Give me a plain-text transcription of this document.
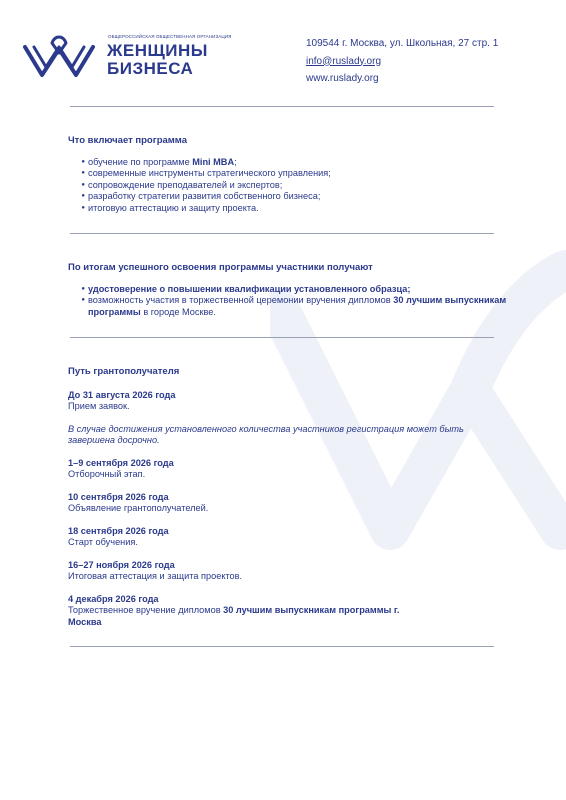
ОБЩЕРОССИЙСКАЯ ОБЩЕСТВЕННАЯ ОРГАНИЗАЦИЯ
ЖЕНЩИНЫ
БИЗНЕСА
109544 г. Москва, ул. Школьная, 27 стр. 1
info@ruslady.org
www.ruslady.org

Что включает программа

● обучение по программе Mini MBA;
● современные инструменты стратегического управления;
● сопровождение преподавателей и экспертов;
● разработку стратегии развития собственного бизнеса;
● итоговую аттестацию и защиту проекта.

По итогам успешного освоения программы участники получают

● удостоверение о повышении квалификации установленного образца;
● возможность участия в торжественной церемонии вручения дипломов 30 лучшим выпускникам программы в городе Москве.

Путь грантополучателя

До 31 августа 2026 года
Прием заявок.
В случае достижения установленного количества участников регистрация может быть завершена досрочно.
1–9 сентября 2026 года
Отборочный этап.
10 сентября 2026 года
Объявление грантополучателей.
18 сентября 2026 года
Старт обучения.
16–27 ноября 2026 года
Итоговая аттестация и защита проектов.
4 декабря 2026 года
Торжественное вручение дипломов 30 лучшим выпускникам программы г. Москва
